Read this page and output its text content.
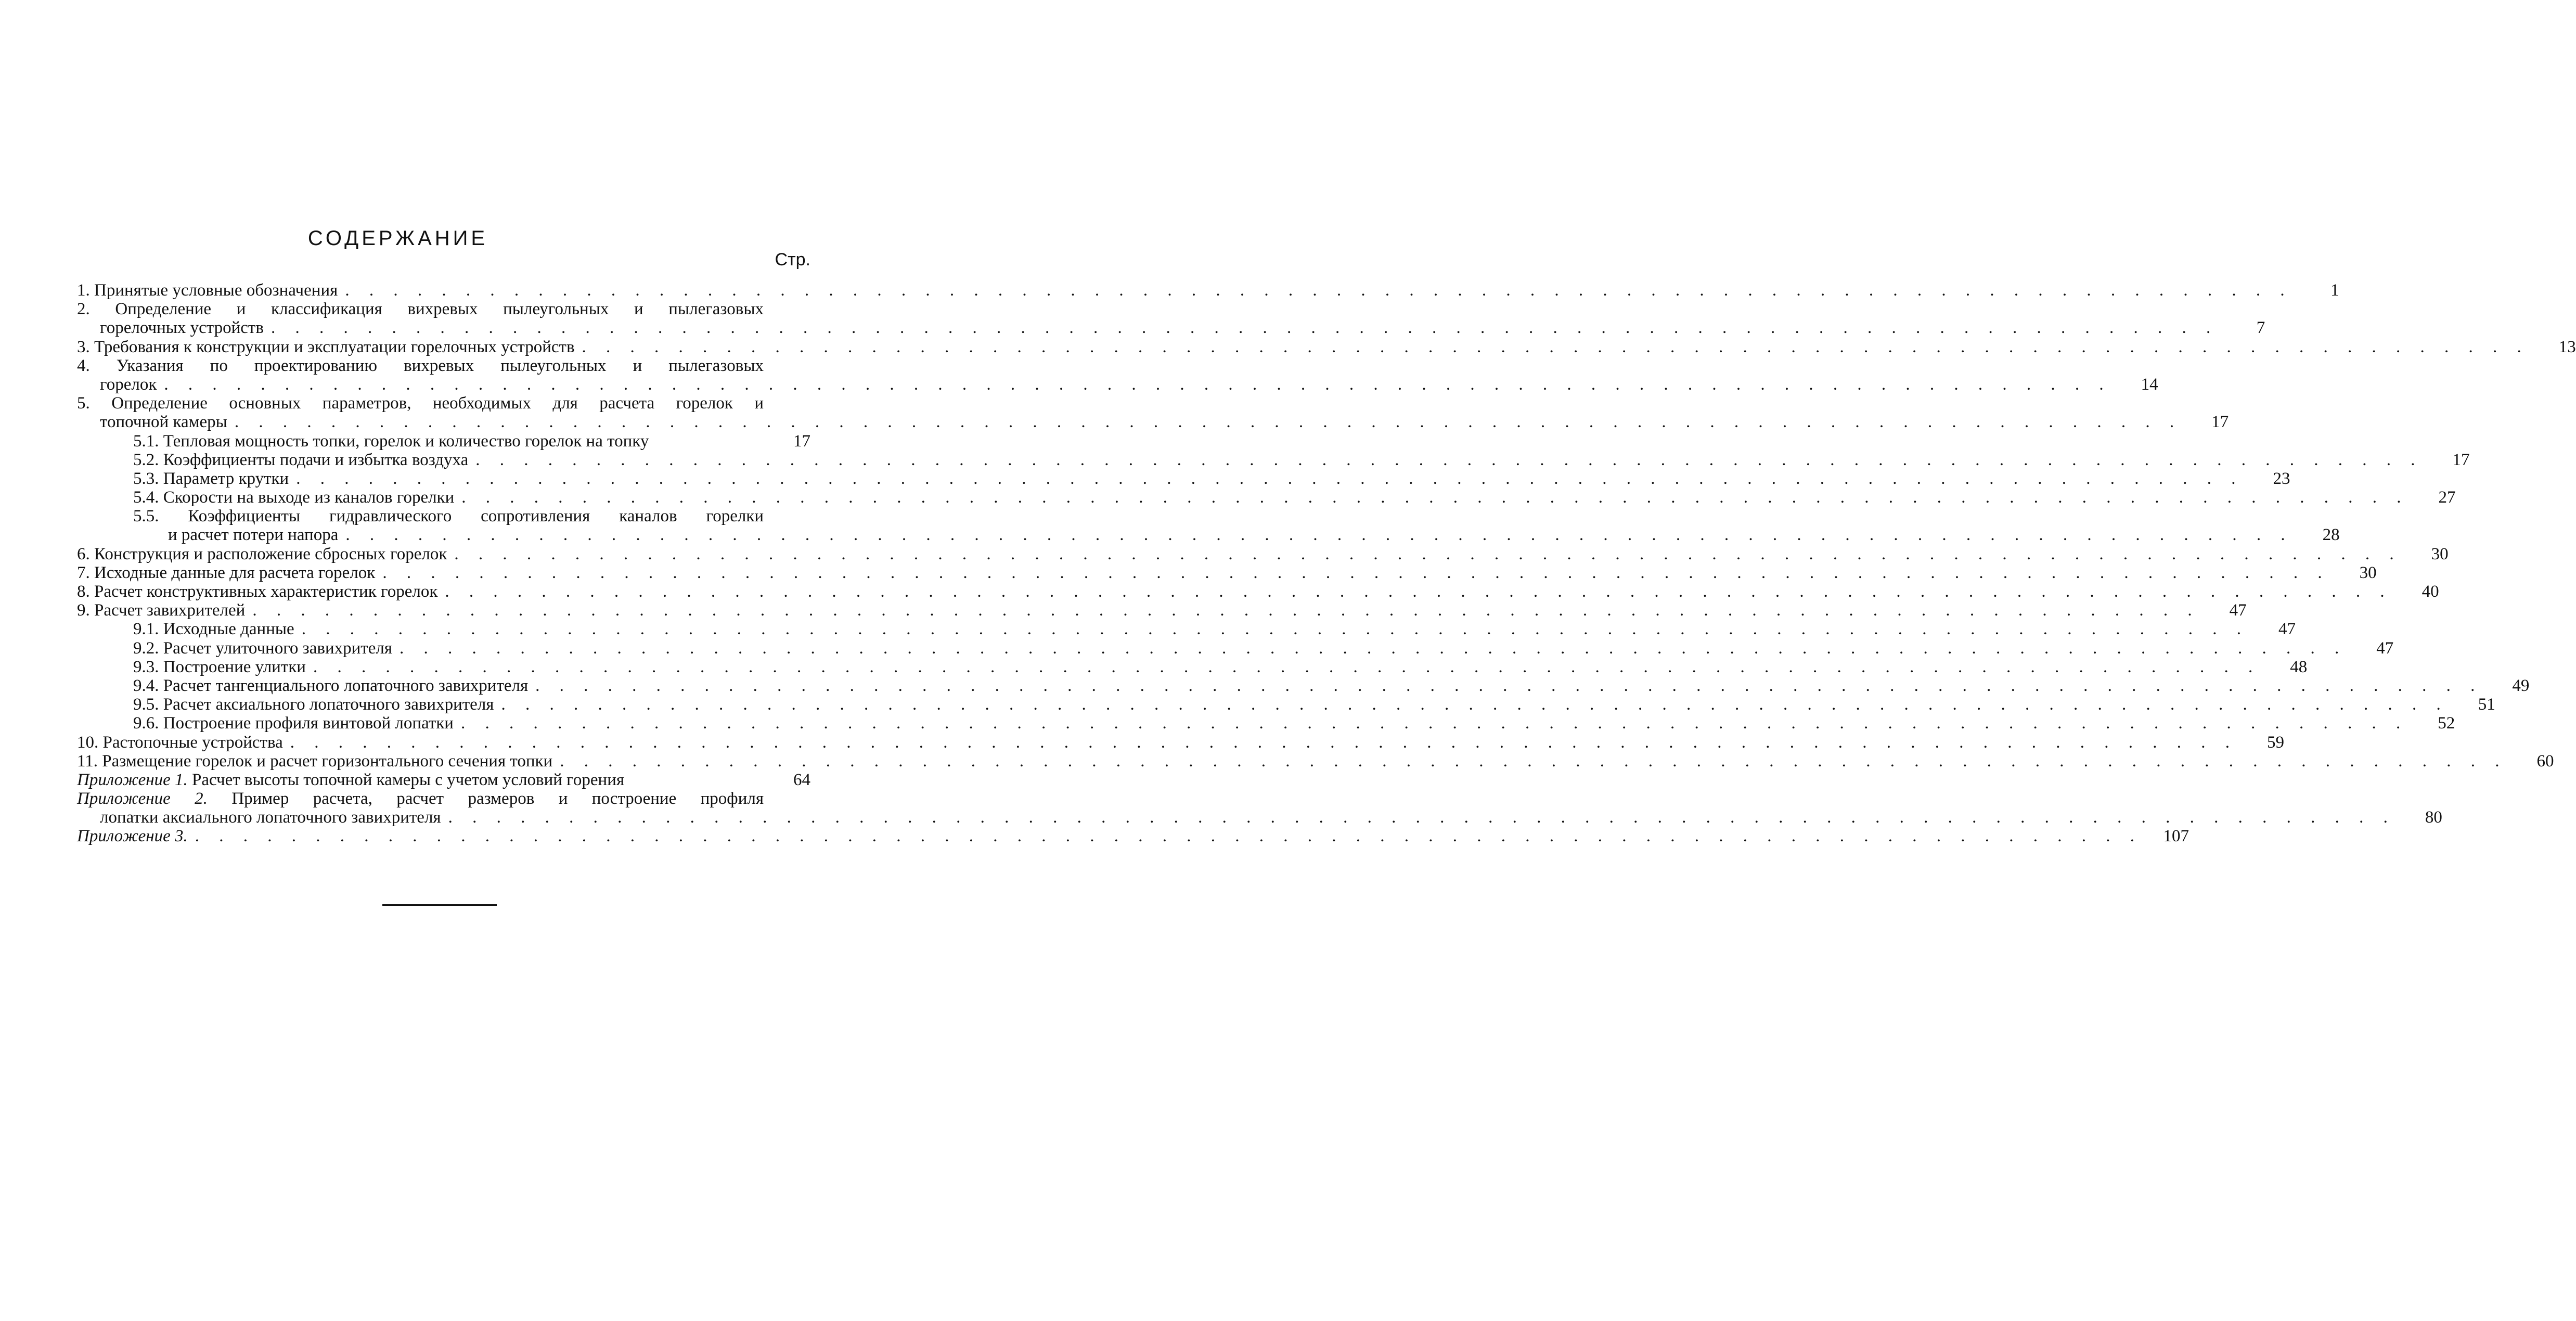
СОДЕРЖАНИЕ
Стр.
1. Принятые условные обозначения . . .	1
2. Определение и классификация вихревых пылеугольных и пылегазовых
горелочных устройств . . .	7
3. Требования к конструкции и эксплуатации горелочных устройств . . .	13
4. Указания по проектированию вихревых пылеугольных и пылегазовых
горелок . . .	14
5. Определение основных параметров, необходимых для расчета горелок и
топочной камеры . . .	17
5.1. Тепловая мощность топки, горелок и количество горелок на топку	17
5.2. Коэффициенты подачи и избытка воздуха . . .	17
5.3. Параметр крутки . . .	23
5.4. Скорости на выходе из каналов горелки . . .	27
5.5. Коэффициенты гидравлического сопротивления каналов горелки
и расчет потери напора . . .	28
6. Конструкция и расположение сбросных горелок . . .	30
7. Исходные данные для расчета горелок . . .	30
8. Расчет конструктивных характеристик горелок . . .	40
9. Расчет завихрителей . . .	47
9.1. Исходные данные . . .	47
9.2. Расчет улиточного завихрителя . . .	47
9.3. Построение улитки . . .	48
9.4. Расчет тангенциального лопаточного завихрителя . . .	49
9.5. Расчет аксиального лопаточного завихрителя . . .	51
9.6. Построение профиля винтовой лопатки . . .	52
10. Растопочные устройства . . .	59
11. Размещение горелок и расчет горизонтального сечения топки . . .	60
Приложение 1. Расчет высоты топочной камеры с учетом условий горения	64
Приложение 2. Пример расчета, расчет размеров и построение профиля
лопатки аксиального лопаточного завихрителя . . .	80
Приложение 3. . . .	107
